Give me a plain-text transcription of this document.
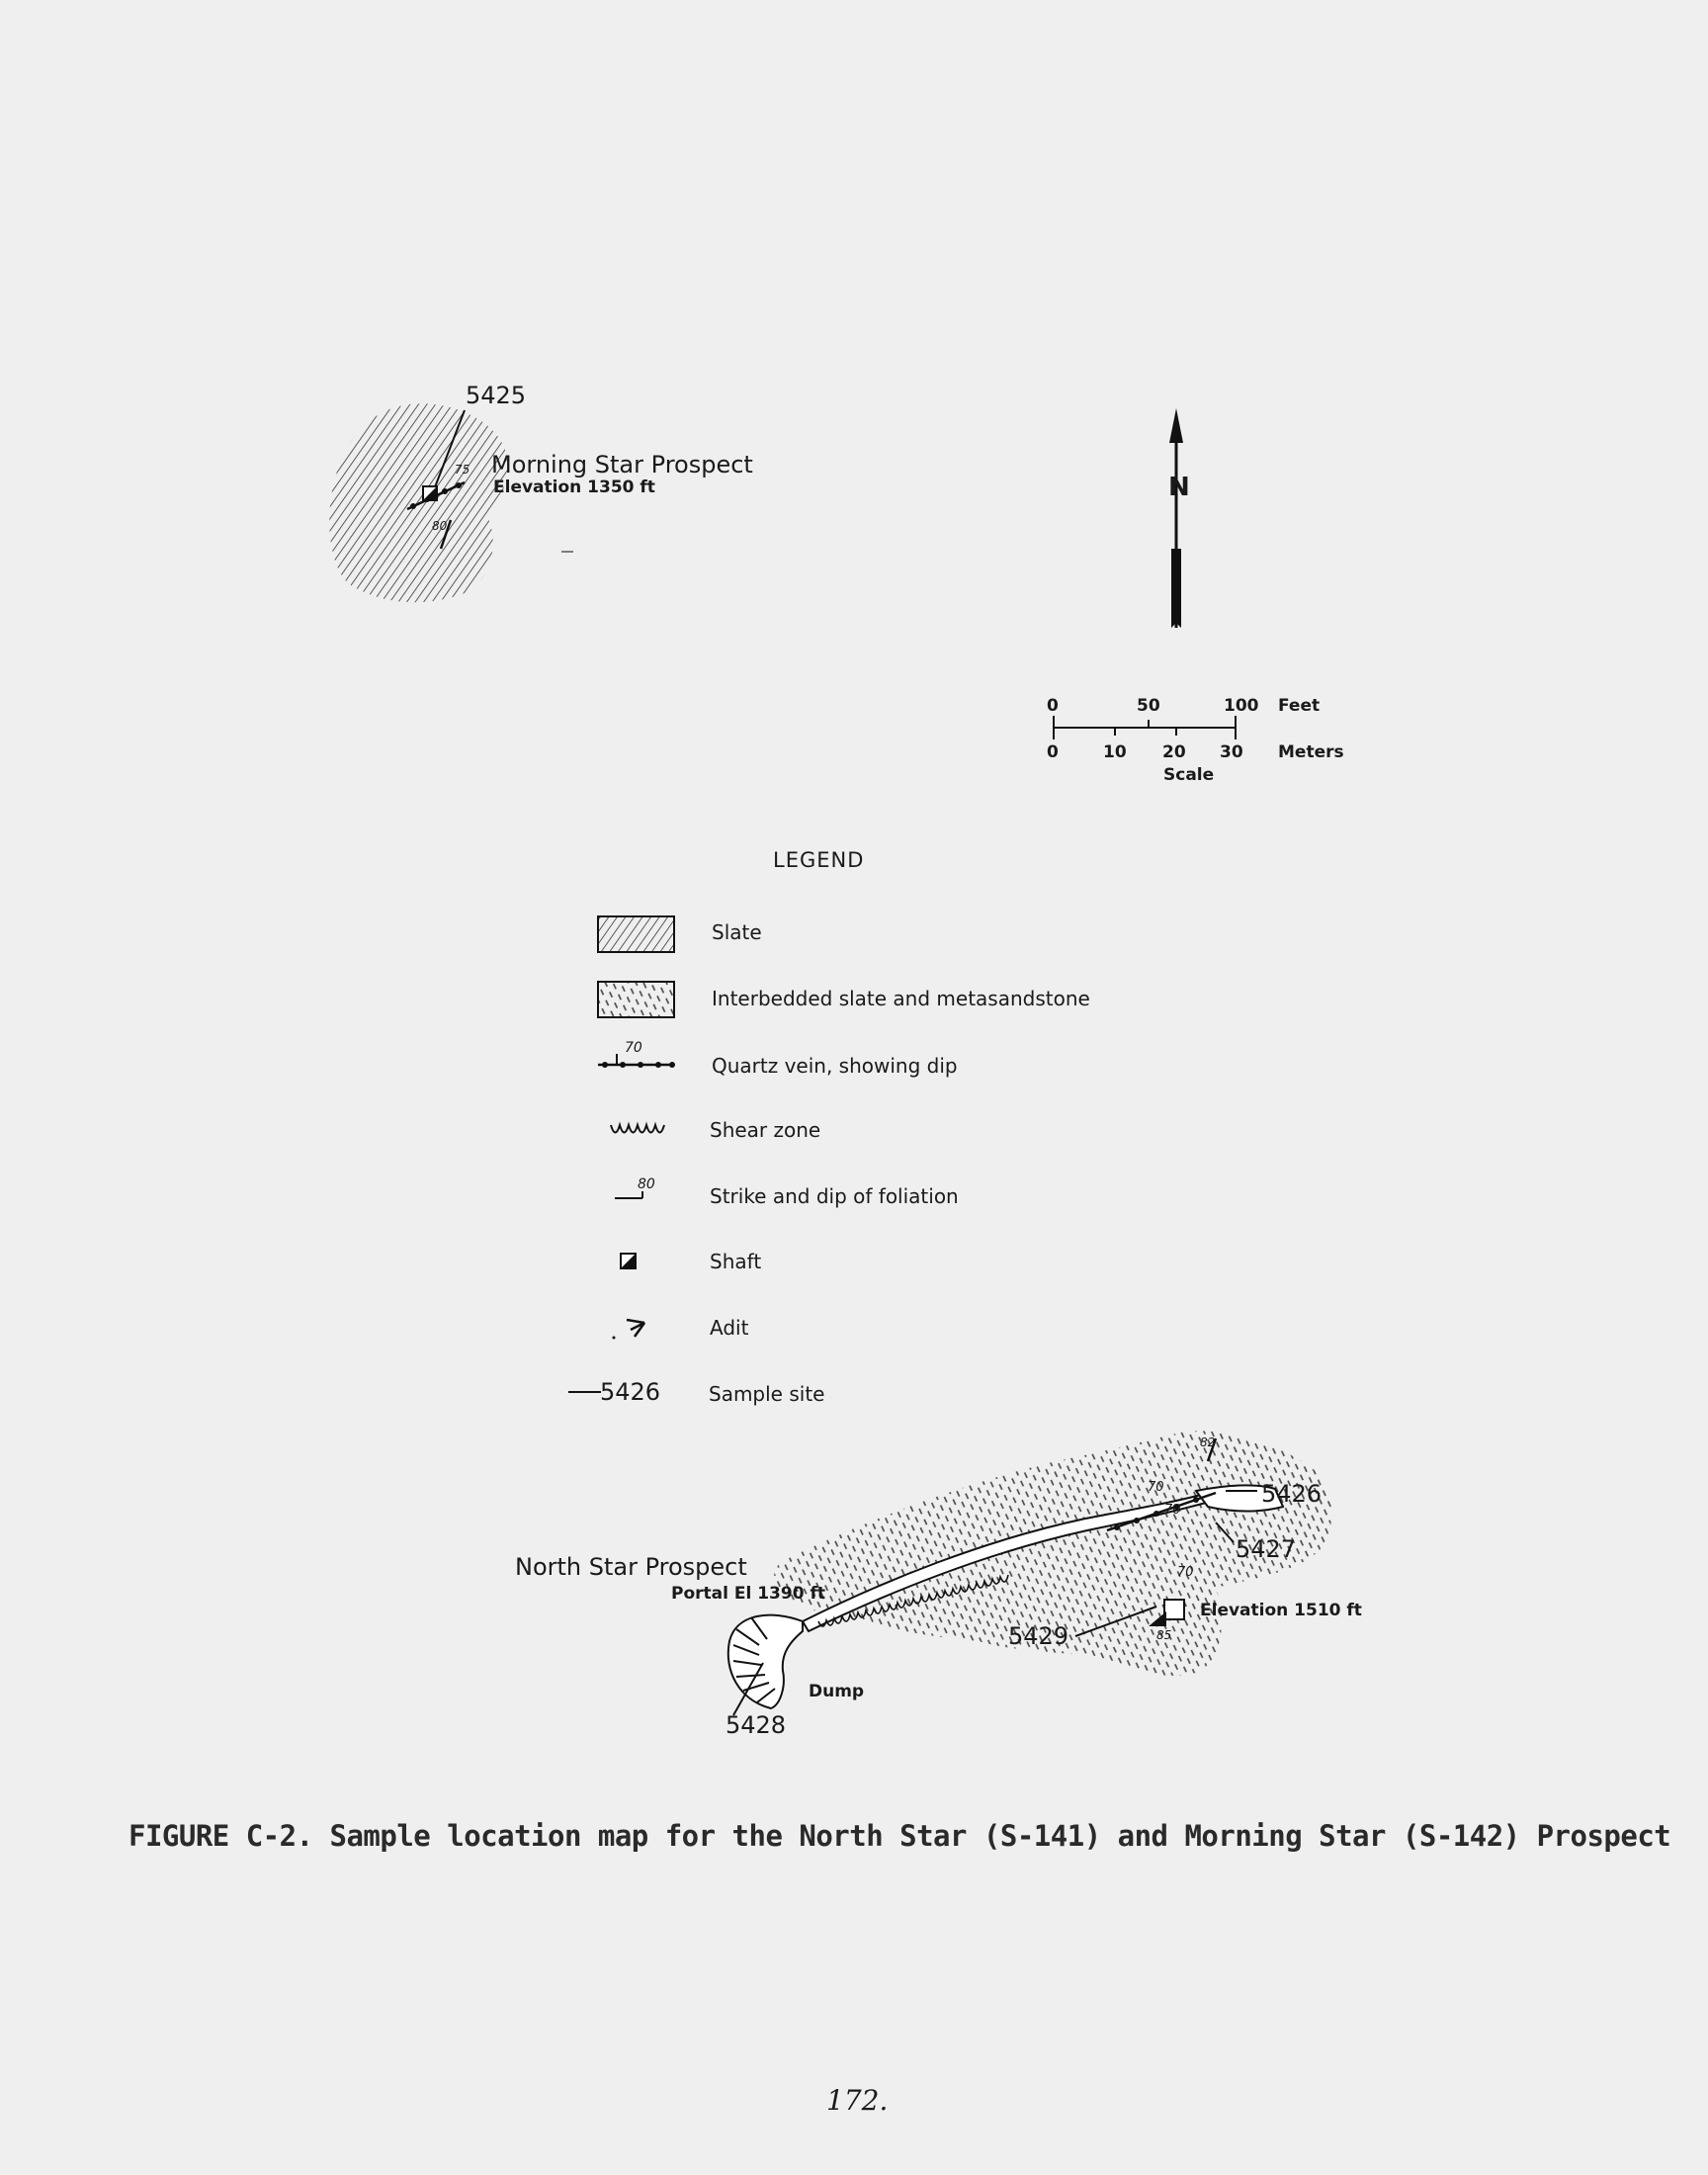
5425
Morning Star Prospect
Elevation 1350 ft
75
80
N
0	50	100 Feet
0	10 20 30 Meters
Scale
LEGEND
Slate
Interbedded slate and metasandstone
70
Quartz vein, showing dip
Shear zone
80	Strike and dip of foliation
Shaft
Adit
5426 Sample site
North Star Prospect
Portal El 1390 ft
Dump
Elevation 1510 ft
5426
5427
5428
5429
82
70
70
70
85
FIGURE C-2. Sample location map for the North Star (S-141) and Morning Star (S-142) Prospect
172.
